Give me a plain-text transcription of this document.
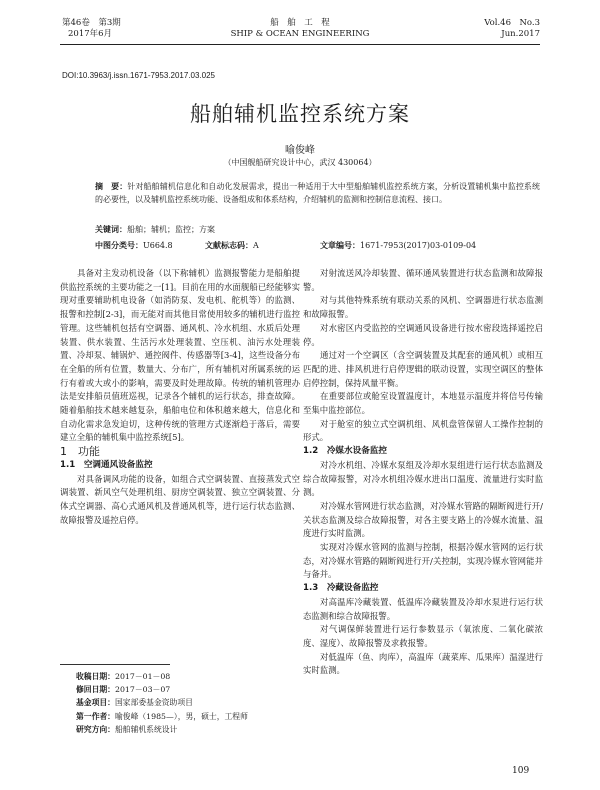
第46卷　第3期
2017年6月
船　舶　工　程
SHIP & OCEAN ENGINEERING
Vol.46　No.3
Jun.2017
DOI:10.3963/j.issn.1671-7953.2017.03.025
船舶辅机监控系统方案
喻俊峰
（中国舰船研究设计中心，武汉 430064）
摘　要：针对船舶辅机信息化和自动化发展需求，提出一种适用于大中型船舶辅机监控系统方案，分析设置辅机集中监控系统的必要性，以及辅机监控系统功能、设备组成和体系结构，介绍辅机的监测和控制信息流程、接口。
关键词：船舶；辅机；监控；方案
中图分类号：U664.8	文献标志码：A	文章编号：1671-7953(2017)03-0109-04

具备对主发动机设备（以下称辅机）监测报警能力是船舶提供监控系统的主要功能之一[1]。目前在用的水面舰船已经能够实现对重要辅助机电设备（如消防泵、发电机、舵机等）的监测、报警和控制[2-3]，而无能对而其他目常使用较多的辅机进行监控管理。这些辅机包括有空调器、通风机、冷水机组、水质后处理装置、供水装置、生活污水处理装置、空压机、油污水处理装置、冷却泵、辅锅炉、通控阀件、传感器等[3-4]，这些设备分布在全船的所有位置，数量大、分布广，所有辅机对所属系统的运行有着或大或小的影响，需要及时处理故障。传统的辅机管理办法是安排船员值班巡视，记录各个辅机的运行状态，排查故障。随着船舶技术越来越复杂，船舶电位和体积越来越大，信息化和自动化需求急发迫切，这种传统的管理方式逐渐趋于落后，需要建立全船的辅机集中监控系统[5]。

1　功能

1.1　空调通风设备监控

对具备调风功能的设备，如组合式空调装置、直接蒸发式空调装置、新风空气处理机组、厨房空调装置、独立空调装置、分体式空调器、高心式通风机及普通风机等，进行运行状态监测、故障报警及遥控启停。

对射流送风冷却装置、循环通风装置进行状态监测和故障报警。

对与其他特殊系统有联动关系的风机、空调器进行状态监测和故障报警。

对水密区内受监控的空调通风设备进行按水密段选择遥控启停。

通过对一个空调区（含空调装置及其配套的通风机）或相互匹配的进、排风机进行启停逻辑的联动设置，实现空调区的整体启停控制，保持风量平衡。

在重要部位或舱室设置温度计，本地显示温度并将信号传输至集中监控部位。

对于舱室的独立式空调机组、风机盘管保留人工操作控制的形式。

1.2　冷媒水设备监控

对冷水机组、冷媒水泵组及冷却水泵组进行运行状态监测及综合故障报警，对冷水机组冷媒水进出口温度、流量进行实时监测。

对冷媒水管网进行状态监测，对冷媒水管路的隔断阀进行开/关状态监测及综合故障报警，对各主要支路上的冷媒水流量、温度进行实时监测。

实现对冷媒水管网的监测与控制，根据冷媒水管网的运行状态，对冷媒水管路的隔断阀进行开/关控制，实现冷媒水管网能并与备并。

1.3　冷藏设备监控

对高温库冷藏装置、低温库冷藏装置及冷却水泵进行运行状态监测和综合故障报警。

对气调保鲜装置进行运行参数显示（氧浓度、二氧化碳浓度、湿度）、故障报警及求救报警。

对低温库（鱼、肉库），高温库（蔬菜库、瓜果库）温湿进行实时监测。

收稿日期：2017－01－08
修回日期：2017－03－07
基金项目：国家部委基金资助项目
第一作者：喻俊峰（1985—），男，硕士，工程师
研究方向：船舶辅机系统设计
109
